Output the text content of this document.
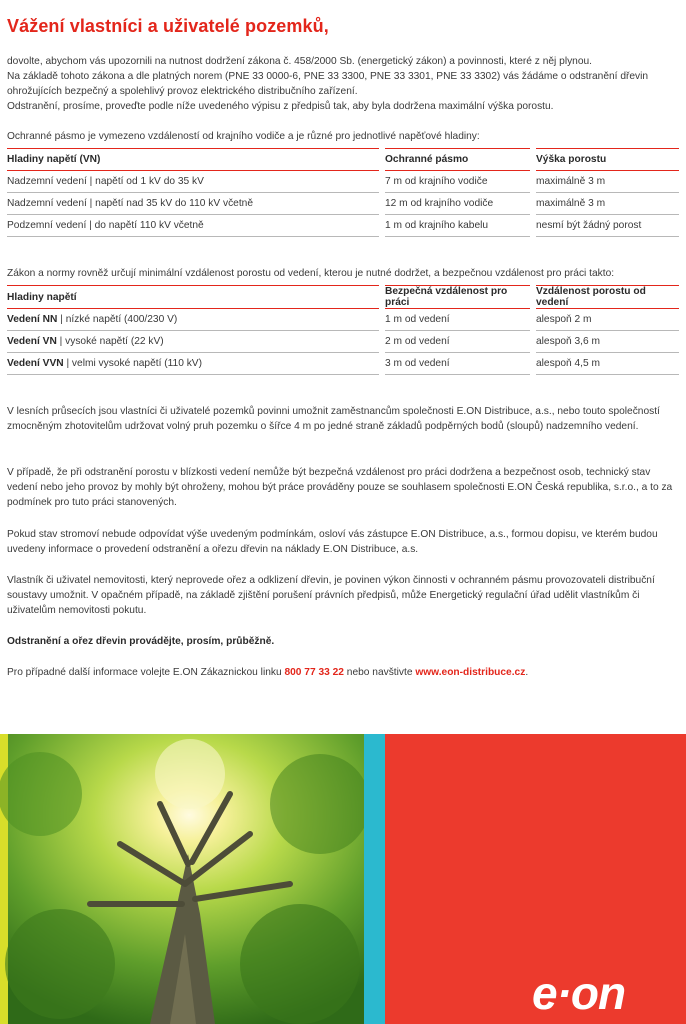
Vážení vlastníci a uživatelé pozemků,

dovolte, abychom vás upozornili na nutnost dodržení zákona č. 458/2000 Sb. (energetický zákon) a povinnosti, které z něj plynou.

Na základě tohoto zákona a dle platných norem (PNE 33 0000-6, PNE 33 3300, PNE 33 3301, PNE 33 3302) vás žádáme o odstranění dřevin ohrožujících bezpečný a spolehlivý provoz elektrického distribučního zařízení.

Odstranění, prosíme, proveďte podle níže uvedeného výpisu z předpisů tak, aby byla dodržena maximální výška porostu.

Ochranné pásmo je vymezeno vzdáleností od krajního vodiče a je různé pro jednotlivé napěťové hladiny:
Hladiny napětí (VN)		Ochranné pásmo		Výška porostu
Nadzemní vedení | napětí od 1 kV do 35 kV		7 m od krajního vodiče		maximálně 3 m
Nadzemní vedení | napětí nad 35 kV do 110 kV včetně		12 m od krajního vodiče		maximálně 3 m
Podzemní vedení | do napětí 110 kV včetně		1 m od krajního kabelu		nesmí být žádný porost
Zákon a normy rovněž určují minimální vzdálenost porostu od vedení, kterou je nutné dodržet, a bezpečnou vzdálenost pro práci takto:
Hladiny napětí		Bezpečná vzdálenost pro práci		Vzdálenost porostu od vedení
Vedení NN | nízké napětí (400/230 V)		1 m od vedení		alespoň 2 m
Vedení VN | vysoké napětí (22 kV)		2 m od vedení		alespoň 3,6 m
Vedení VVN | velmi vysoké napětí (110 kV)		3 m od vedení		alespoň 4,5 m

V lesních průsecích jsou vlastníci či uživatelé pozemků povinni umožnit zaměstnancům společnosti E.ON Distribuce, a.s., nebo touto společností zmocněným zhotovitelům udržovat volný pruh pozemku o šířce 4 m po jedné straně základů podpěrných bodů (sloupů) nadzemního vedení.

V případě, že při odstranění porostu v blízkosti vedení nemůže být bezpečná vzdálenost pro práci dodržena a bezpečnost osob, technický stav vedení nebo jeho provoz by mohly být ohroženy, mohou být práce prováděny pouze se souhlasem společnosti E.ON Česká republika, s.r.o., a to za podmínek pro tuto práci stanovených.

Pokud stav stromoví nebude odpovídat výše uvedeným podmínkám, osloví vás zástupce E.ON Distribuce, a.s., formou dopisu, ve kterém budou uvedeny informace o provedení odstranění a ořezu dřevin na náklady E.ON Distribuce, a.s.

Vlastník či uživatel nemovitosti, který neprovede ořez a odklizení dřevin, je povinen výkon činnosti v ochranném pásmu provozovateli distribuční soustavy umožnit. V opačném případě, na základě zjištění porušení právních předpisů, může Energetický regulační úřad udělit vlastníkům či uživatelům nemovitosti pokutu.

Odstranění a ořez dřevin provádějte, prosím, průběžně.

Pro případné další informace volejte E.ON Zákaznickou linku 800 77 33 22 nebo navštivte www.eon-distribuce.cz.

e·on
